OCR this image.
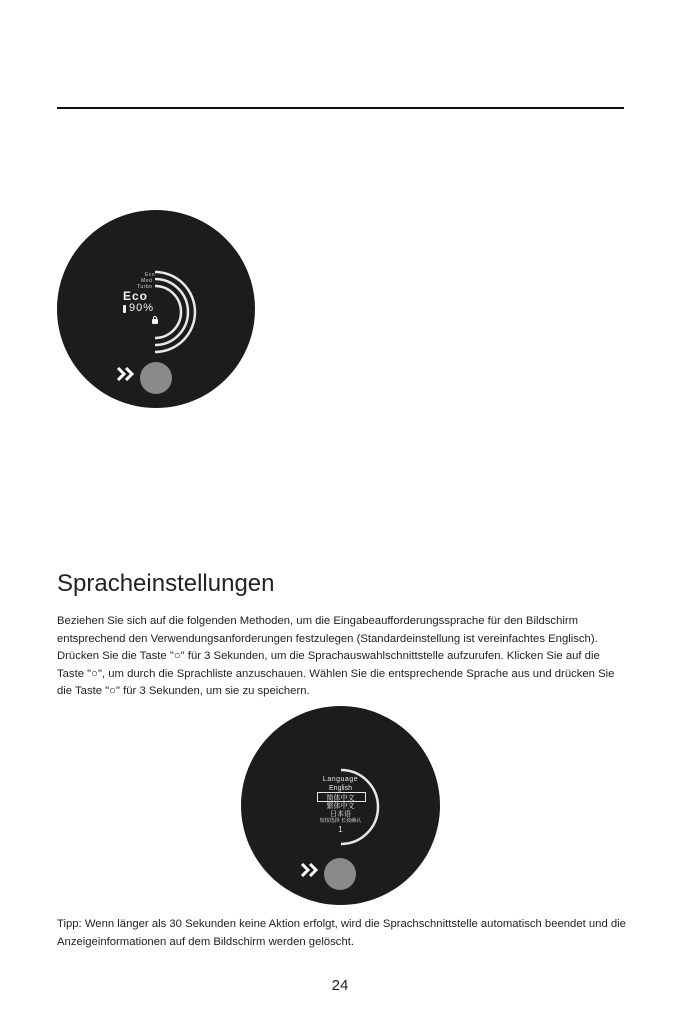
Eco
Med
Turbo
Eco
90%
Spracheinstellungen

Beziehen Sie sich auf die folgenden Methoden, um die Eingabeaufforderungssprache für den Bildschirm entsprechend den Verwendungsanforderungen festzulegen (Standardeinstellung ist vereinfachtes Englisch). Drücken Sie die Taste "○" für 3 Sekunden, um die Sprachauswahlschnittstelle aufzurufen. Klicken Sie auf die Taste "○", um durch die Sprachliste anzuschauen. Wählen Sie die entsprechende Sprache aus und drücken Sie die Taste "○" für 3 Sekunden, um sie zu speichern.

Language
English
简体中文
繁体中文
日本语
短按选择 长按确认
1

Tipp: Wenn länger als 30 Sekunden keine Aktion erfolgt, wird die Sprachschnittstelle automatisch beendet und die Anzeigeinformationen auf dem Bildschirm werden gelöscht.

24
